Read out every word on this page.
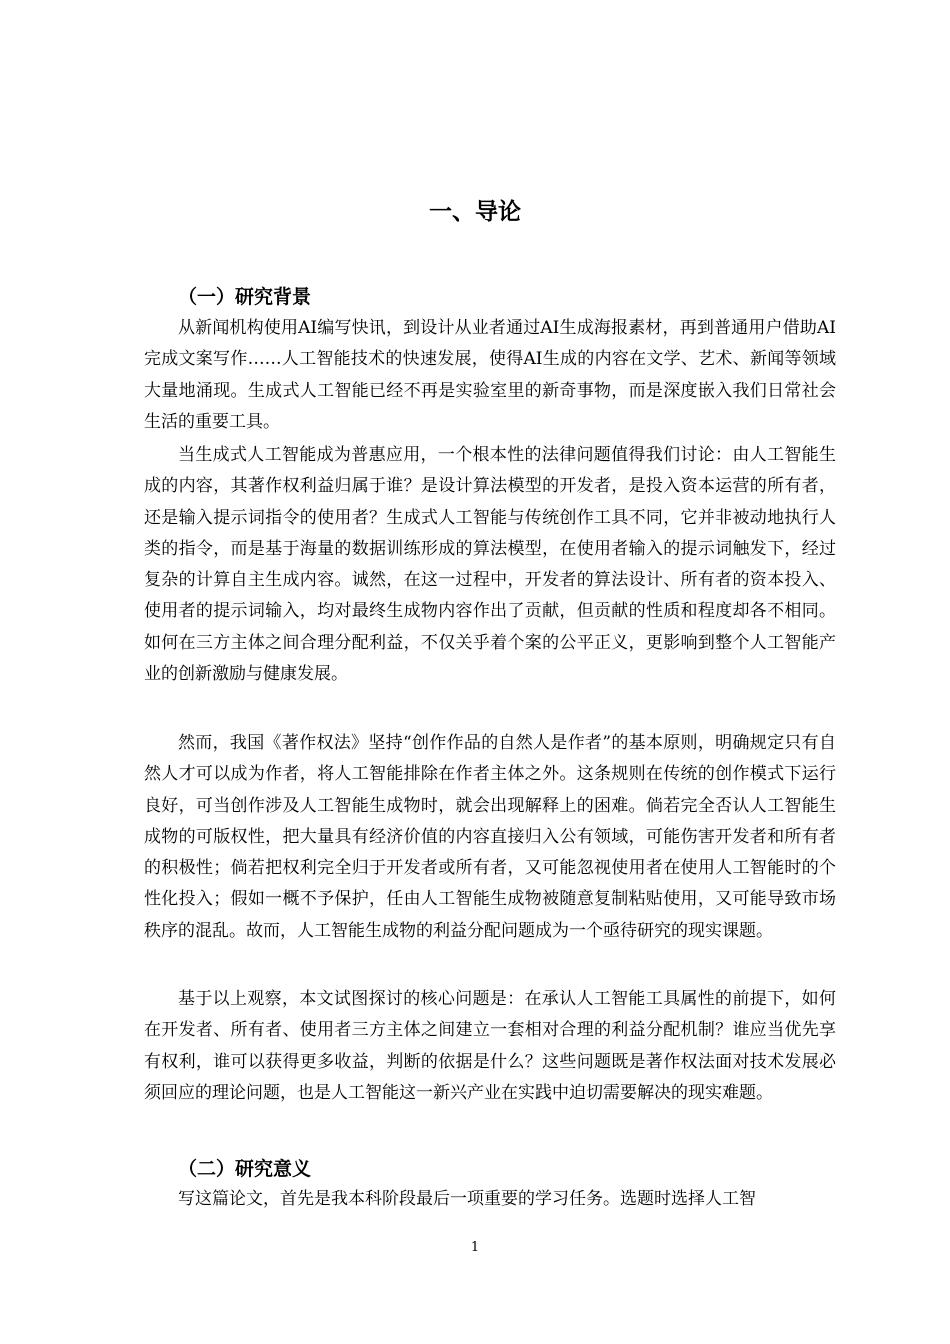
一、导论
（一）研究背景

从新闻机构使用AI编写快讯，到设计从业者通过AI生成海报素材，再到普通用户借助AI完成文案写作……人工智能技术的快速发展，使得AI生成的内容在文学、艺术、新闻等领域大量地涌现。生成式人工智能已经不再是实验室里的新奇事物，而是深度嵌入我们日常社会生活的重要工具。

当生成式人工智能成为普惠应用，一个根本性的法律问题值得我们讨论：由人工智能生成的内容，其著作权利益归属于谁？是设计算法模型的开发者，是投入资本运营的所有者，还是输入提示词指令的使用者？生成式人工智能与传统创作工具不同，它并非被动地执行人类的指令，而是基于海量的数据训练形成的算法模型，在使用者输入的提示词触发下，经过复杂的计算自主生成内容。诚然，在这一过程中，开发者的算法设计、所有者的资本投入、使用者的提示词输入，均对最终生成物内容作出了贡献，但贡献的性质和程度却各不相同。如何在三方主体之间合理分配利益，不仅关乎着个案的公平正义，更影响到整个人工智能产业的创新激励与健康发展。

然而，我国《著作权法》坚持“创作作品的自然人是作者”的基本原则，明确规定只有自然人才可以成为作者，将人工智能排除在作者主体之外。这条规则在传统的创作模式下运行良好，可当创作涉及人工智能生成物时，就会出现解释上的困难。倘若完全否认人工智能生成物的可版权性，把大量具有经济价值的内容直接归入公有领域，可能伤害开发者和所有者的积极性；倘若把权利完全归于开发者或所有者，又可能忽视使用者在使用人工智能时的个性化投入；假如一概不予保护，任由人工智能生成物被随意复制粘贴使用，又可能导致市场秩序的混乱。故而，人工智能生成物的利益分配问题成为一个亟待研究的现实课题。

基于以上观察，本文试图探讨的核心问题是：在承认人工智能工具属性的前提下，如何在开发者、所有者、使用者三方主体之间建立一套相对合理的利益分配机制？谁应当优先享有权利，谁可以获得更多收益，判断的依据是什么？这些问题既是著作权法面对技术发展必须回应的理论问题，也是人工智能这一新兴产业在实践中迫切需要解决的现实难题。

（二）研究意义

写这篇论文，首先是我本科阶段最后一项重要的学习任务。选题时选择人工智

1
